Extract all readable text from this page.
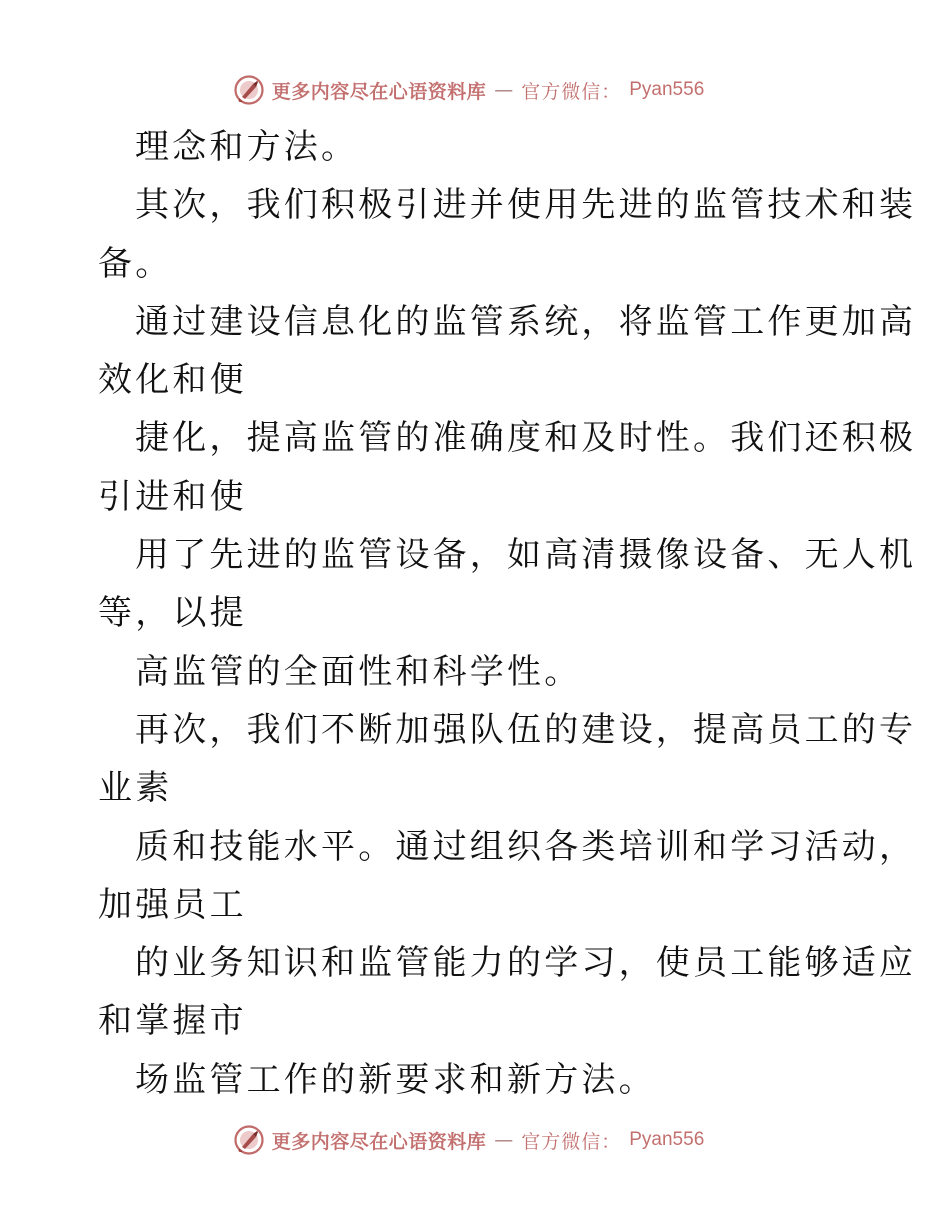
更多内容尽在心语资料库 — 官方微信： Pyan556
理念和方法。
其次，我们积极引进并使用先进的监管技术和装
备。
通过建设信息化的监管系统，将监管工作更加高
效化和便
捷化，提高监管的准确度和及时性。我们还积极
引进和使
用了先进的监管设备，如高清摄像设备、无人机
等，以提
高监管的全面性和科学性。
再次，我们不断加强队伍的建设，提高员工的专
业素
质和技能水平。通过组织各类培训和学习活动，
加强员工
的业务知识和监管能力的学习，使员工能够适应
和掌握市
场监管工作的新要求和新方法。
更多内容尽在心语资料库 — 官方微信： Pyan556
